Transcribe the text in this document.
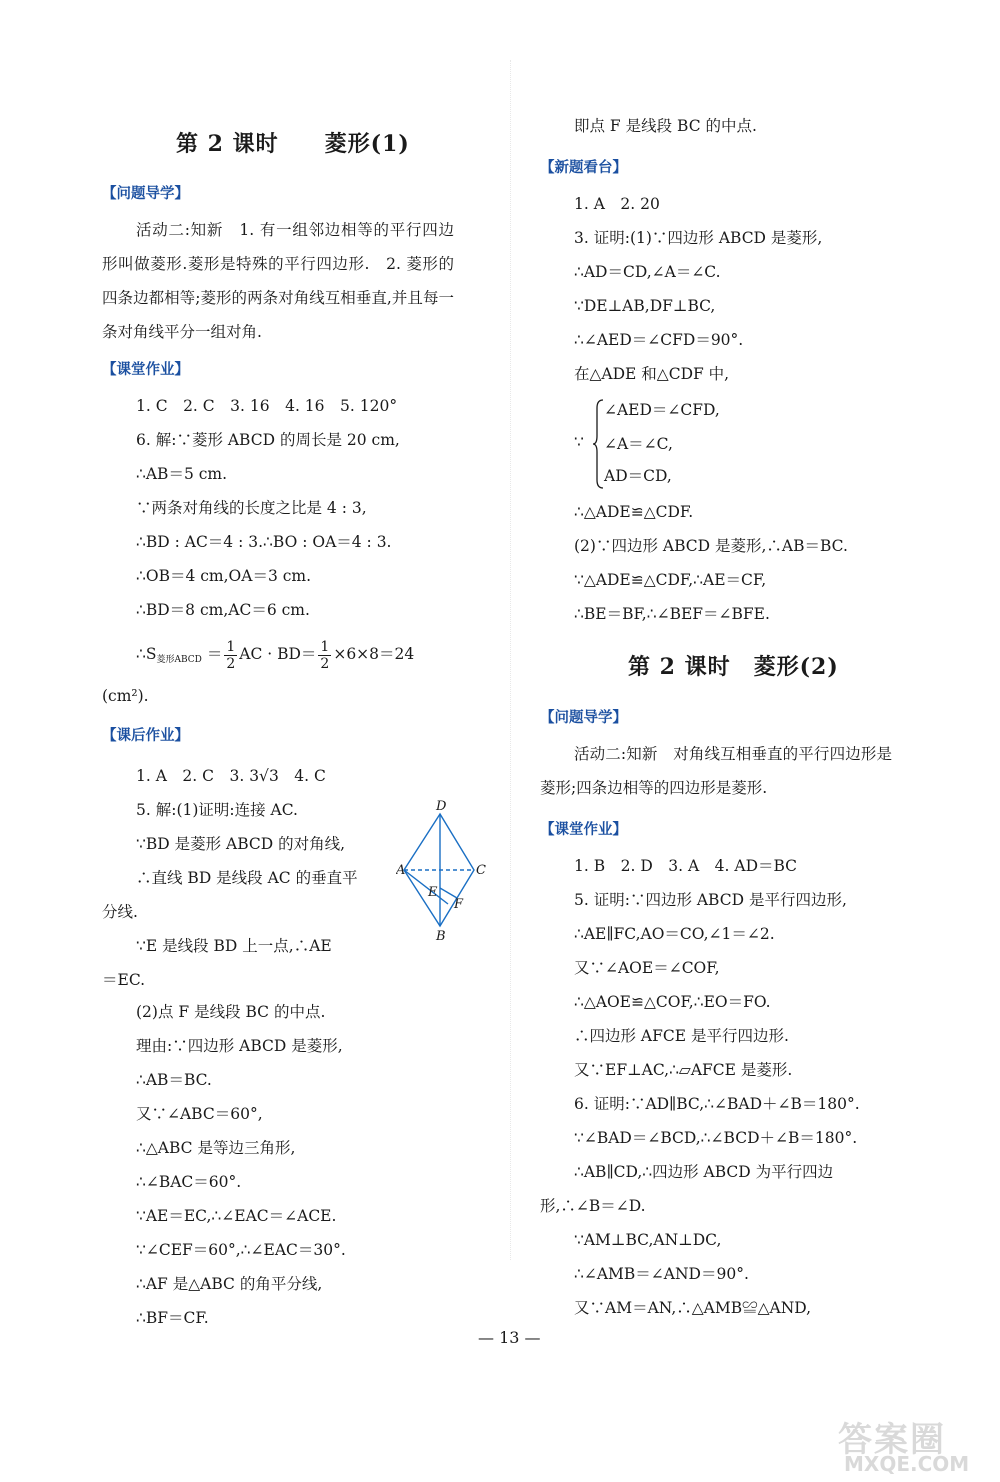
第 2 课时　　菱形(1)
【问题导学】
活动二:知新　1. 有一组邻边相等的平行四边形叫做菱形.菱形是特殊的平行四边形.　2. 菱形的四条边都相等;菱形的两条对角线互相垂直,并且每一条对角线平分一组对角.
【课堂作业】
1. C　2. C　3. 16　4. 16　5. 120°
6. 解:∵菱形 ABCD 的周长是 20 cm,
∴AB＝5 cm.
∵两条对角线的长度之比是 4 : 3,
∴BD : AC＝4 : 3.∴BO : OA＝4 : 3.
∴OB＝4 cm,OA＝3 cm.
∴BD＝8 cm,AC＝6 cm.
$\therefore S_{菱形ABCD} = \frac{1}{2}$ AC · $BD= \frac{1}{2} \times 6\times 8=24$
(cm²).
【课后作业】
1. A　2. C　3. 3√3　4. C
5. 解:(1)证明:连接 AC.
∵BD 是菱形 ABCD 的对角线,
∴直线 BD 是线段 AC 的垂直平
分线.
∵E 是线段 BD 上一点,∴AE
＝EC.
(2)点 F 是线段 BC 的中点.
理由:∵四边形 ABCD 是菱形,
∴AB＝BC.
又∵∠ABC＝60°,
∴△ABC 是等边三角形,
∴∠BAC＝60°.
∵AE＝EC,∴∠EAC＝∠ACE.
∵∠CEF＝60°,∴∠EAC＝30°.
∴AF 是△ABC 的角平分线,
∴BF＝CF.
D
A	C
E
F
B
即点 F 是线段 BC 的中点.
【新题看台】
1. A　2. 20
3. 证明:(1)∵四边形 ABCD 是菱形,
∴AD＝CD,∠A＝∠C.
∵DE⊥AB,DF⊥BC,
∴∠AED＝∠CFD＝90°.
在△ADE 和△CDF 中,
∵
∠AED＝∠CFD,
∠A＝∠C,
AD＝CD,
∴△ADE≌△CDF.
(2)∵四边形 ABCD 是菱形,∴AB＝BC.
∵△ADE≌△CDF,∴AE＝CF,
∴BE＝BF,∴∠BEF＝∠BFE.
第 2 课时　菱形(2)
【问题导学】
活动二:知新　对角线互相垂直的平行四边形是菱形;四条边相等的四边形是菱形.
【课堂作业】
1. B　2. D　3. A　4. AD＝BC
5. 证明:∵四边形 ABCD 是平行四边形,
∴AE∥FC,AO＝CO,∠1＝∠2.
又∵∠AOE＝∠COF,
∴△AOE≌△COF,∴EO＝FO.
∴四边形 AFCE 是平行四边形.
又∵EF⊥AC,∴▱AFCE 是菱形.
6. 证明:∵AD∥BC,∴∠BAD＋∠B＝180°.
∵∠BAD＝∠BCD,∴∠BCD＋∠B＝180°.
∴AB∥CD,∴四边形 ABCD 为平行四边
形,∴∠B＝∠D.
∵AM⊥BC,AN⊥DC,
∴∠AMB＝∠AND＝90°.
又∵AM＝AN,∴△AMB≌△AND,
— 13 —
答案圈
MXQE.COM
